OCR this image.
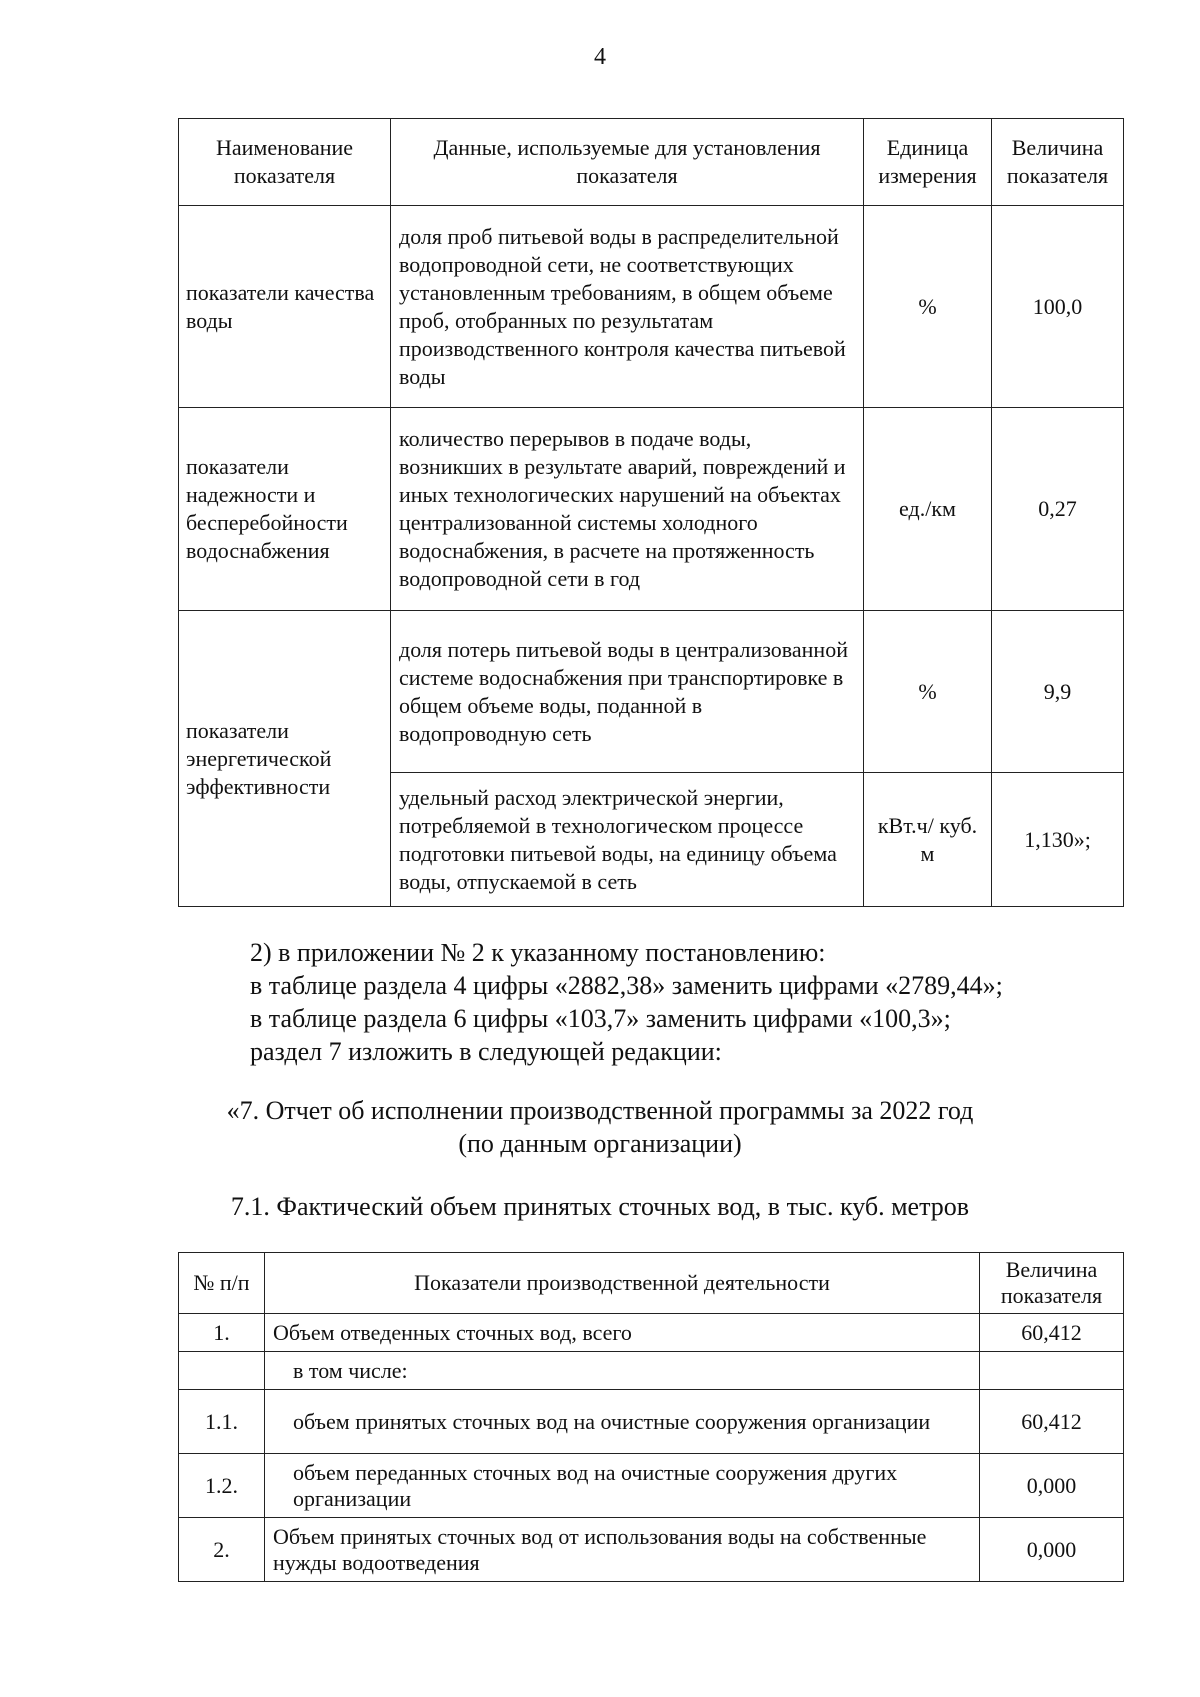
4
Наименование показателя	Данные, используемые для установления показателя	Единица измерения	Величина показателя
показатели качества воды	доля проб питьевой воды в распределительной водопроводной сети, не соответствующих установленным требованиям, в общем объеме проб, отобранных по результатам производственного контроля качества питьевой воды	%	100,0
показатели надежности и бесперебойности водоснабжения	количество перерывов в подаче воды, возникших в результате аварий, повреждений и иных технологических нарушений на объектах централизованной системы холодного водоснабжения, в расчете на протяженность водопроводной сети в год	ед./км	0,27
показатели энергетической эффективности	доля потерь питьевой воды в централизованной системе водоснабжения при транспортировке в общем объеме воды, поданной в водопроводную сеть	%	9,9
	удельный расход электрической энергии, потребляемой в технологическом процессе подготовки питьевой воды, на единицу объема воды, отпускаемой в сеть	кВт.ч/ куб. м	1,130»;
2) в приложении № 2 к указанному постановлению:
в таблице раздела 4 цифры «2882,38» заменить цифрами «2789,44»;
в таблице раздела 6 цифры «103,7» заменить цифрами «100,3»;
раздел 7 изложить в следующей редакции:
«7. Отчет об исполнении производственной программы за 2022 год
(по данным организации)
7.1. Фактический объем принятых сточных вод, в тыс. куб. метров
№ п/п	Показатели производственной деятельности	Величина показателя
1.	Объем отведенных сточных вод, всего	60,412
	в том числе:	
1.1.	объем принятых сточных вод на очистные сооружения организации	60,412
1.2.	объем переданных сточных вод на очистные сооружения других организации	0,000
2.	Объем принятых сточных вод от использования воды на собственные нужды водоотведения	0,000
